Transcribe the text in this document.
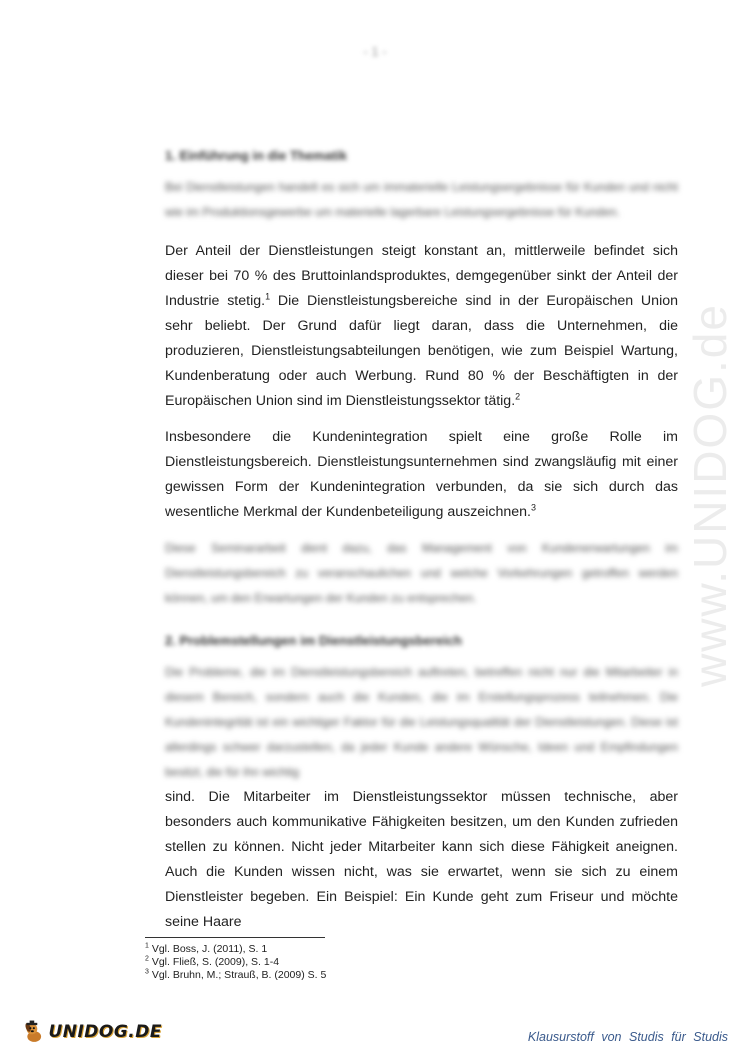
- 1 -
www.UNIDOG.de
1. Einführung in die Thematik

Bei Dienstleistungen handelt es sich um immaterielle Leistungsergebnisse für Kunden und nicht wie im Produktionsgewerbe um materielle lagerbare Leistungsergebnisse für Kunden.

Der Anteil der Dienstleistungen steigt konstant an, mittlerweile befindet sich dieser bei 70 % des Bruttoinlandsproduktes, demgegenüber sinkt der Anteil der Industrie stetig.$^1$ Die Dienstleistungsbereiche sind in der Europäischen Union sehr beliebt. Der Grund dafür liegt daran, dass die Unternehmen, die produzieren, Dienstleistungsabteilungen benötigen, wie zum Beispiel Wartung, Kundenberatung oder auch Werbung. Rund 80 % der Beschäftigten in der Europäischen Union sind im Dienstleistungssektor tätig.$^2$

Insbesondere die Kundenintegration spielt eine große Rolle im Dienstleistungsbereich. Dienstleistungsunternehmen sind zwangsläufig mit einer gewissen Form der Kundenintegration verbunden, da sie sich durch das wesentliche Merkmal der Kundenbeteiligung auszeichnen.$^3$

Diese Seminararbeit dient dazu, das Management von Kundenerwartungen im Dienstleistungsbereich zu veranschaulichen und welche Vorkehrungen getroffen werden können, um den Erwartungen der Kunden zu entsprechen.

2. Problemstellungen im Dienstleistungsbereich

Die Probleme, die im Dienstleistungsbereich auftreten, betreffen nicht nur die Mitarbeiter in diesem Bereich, sondern auch die Kunden, die im Erstellungsprozess teilnehmen. Die Kundenintegrität ist ein wichtiger Faktor für die Leistungsqualität der Dienstleistungen. Diese ist allerdings schwer darzustellen, da jeder Kunde andere Wünsche, Ideen und Empfindungen besitzt, die für ihn wichtig

sind. Die Mitarbeiter im Dienstleistungssektor müssen technische, aber besonders auch kommunikative Fähigkeiten besitzen, um den Kunden zufrieden stellen zu können. Nicht jeder Mitarbeiter kann sich diese Fähigkeit aneignen. Auch die Kunden wissen nicht, was sie erwartet, wenn sie sich zu einem Dienstleister begeben. Ein Beispiel: Ein Kunde geht zum Friseur und möchte seine Haare

$^1$ Vgl. Boss, J. (2011), S. 1
$^2$ Vgl. Fließ, S. (2009), S. 1-4
$^3$ Vgl. Bruhn, M.; Strauß, B. (2009) S. 5
UNIDOG.DE	Klausurstoff von Studis für Studis
